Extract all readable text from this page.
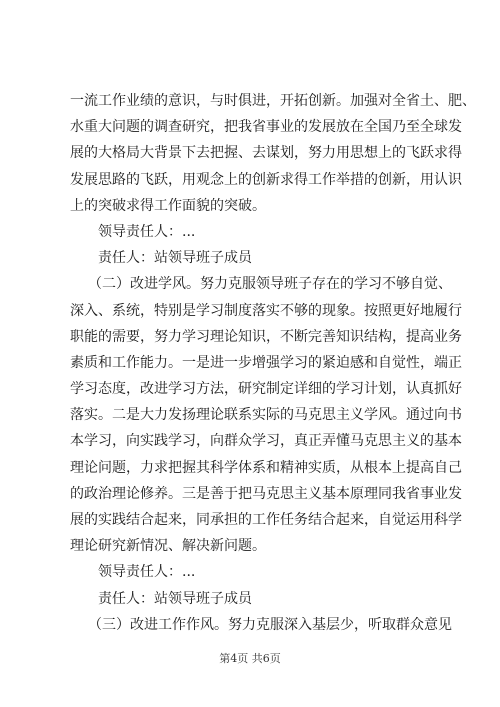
一流工作业绩的意识，与时俱进，开拓创新。加强对全省土、肥、
水重大问题的调查研究，把我省事业的发展放在全国乃至全球发
展的大格局大背景下去把握、去谋划，努力用思想上的飞跃求得
发展思路的飞跃，用观念上的创新求得工作举措的创新，用认识
上的突破求得工作面貌的突破。
领导责任人：...
责任人：站领导班子成员
（二）改进学风。努力克服领导班子存在的学习不够自觉、
深入、系统，特别是学习制度落实不够的现象。按照更好地履行
职能的需要，努力学习理论知识，不断完善知识结构，提高业务
素质和工作能力。一是进一步增强学习的紧迫感和自觉性，端正
学习态度，改进学习方法，研究制定详细的学习计划，认真抓好
落实。二是大力发扬理论联系实际的马克思主义学风。通过向书
本学习，向实践学习，向群众学习，真正弄懂马克思主义的基本
理论问题，力求把握其科学体系和精神实质，从根本上提高自己
的政治理论修养。三是善于把马克思主义基本原理同我省事业发
展的实践结合起来，同承担的工作任务结合起来，自觉运用科学
理论研究新情况、解决新问题。
领导责任人：...
责任人：站领导班子成员
（三）改进工作作风。努力克服深入基层少，听取群众意见
第4页 共6页
